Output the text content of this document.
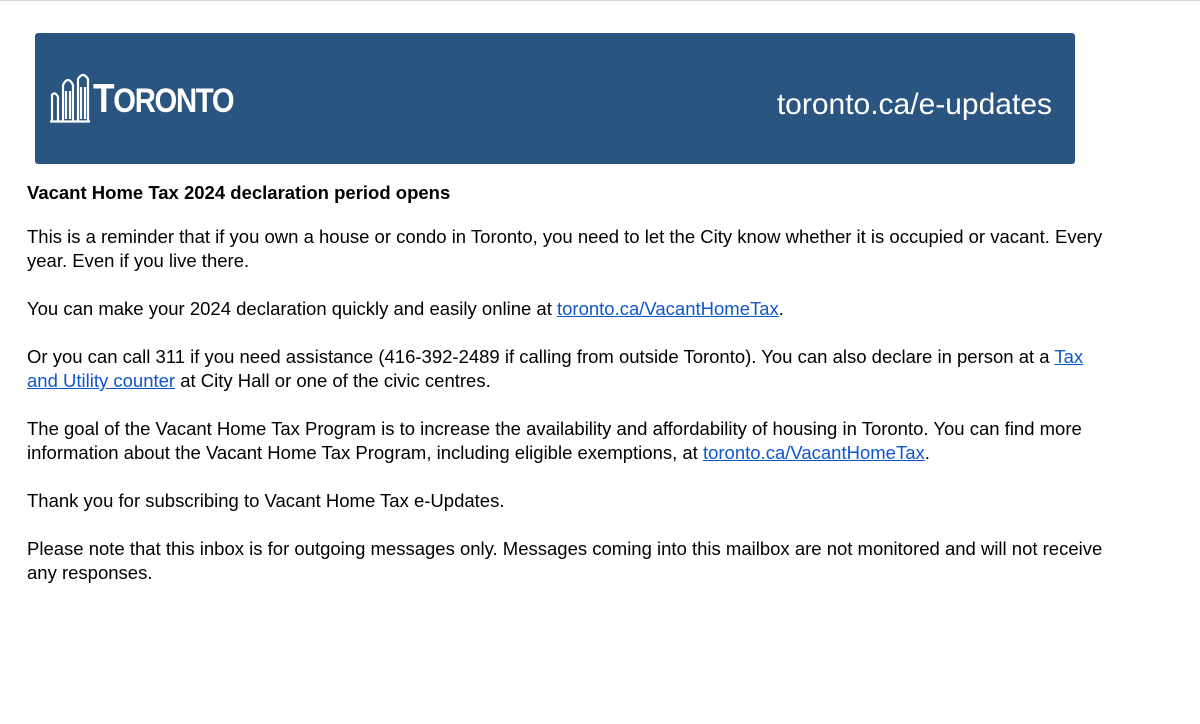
TORONTO	toronto.ca/e-updates
Vacant Home Tax 2024 declaration period opens

This is a reminder that if you own a house or condo in Toronto, you need to let the City know whether it is occupied or vacant. Every year. Even if you live there.

You can make your 2024 declaration quickly and easily online at toronto.ca/VacantHomeTax.

Or you can call 311 if you need assistance (416-392-2489 if calling from outside Toronto). You can also declare in person at a Tax and Utility counter at City Hall or one of the civic centres.

The goal of the Vacant Home Tax Program is to increase the availability and affordability of housing in Toronto. You can find more information about the Vacant Home Tax Program, including eligible exemptions, at toronto.ca/VacantHomeTax.

Thank you for subscribing to Vacant Home Tax e-Updates.

Please note that this inbox is for outgoing messages only. Messages coming into this mailbox are not monitored and will not receive any responses.
